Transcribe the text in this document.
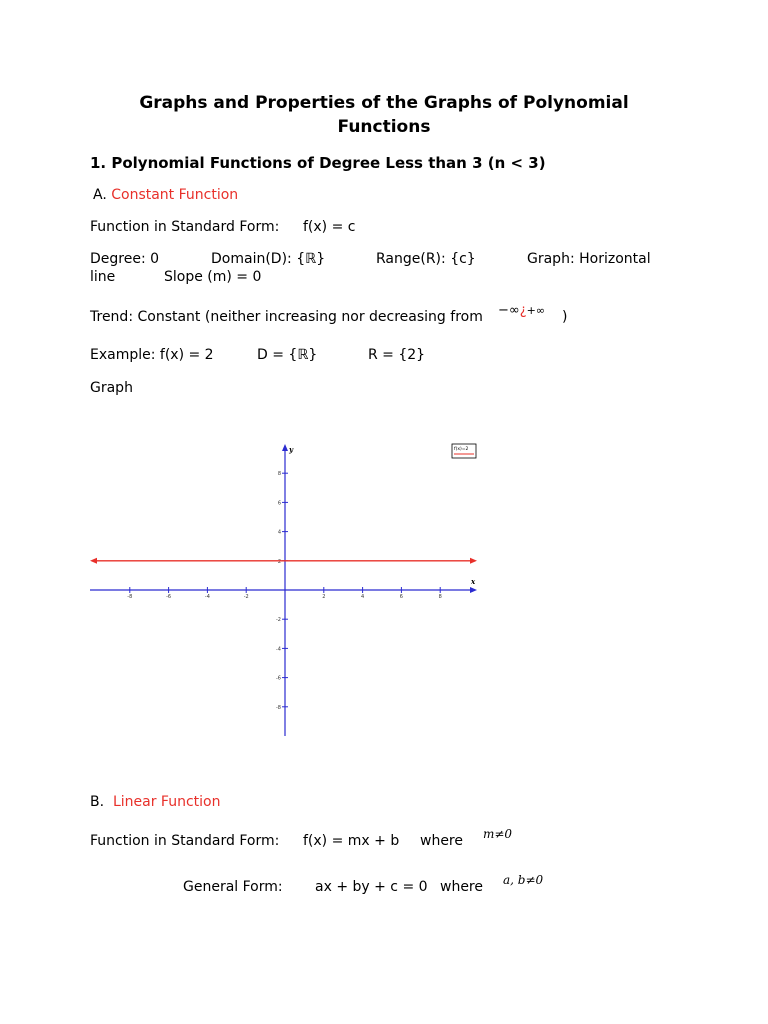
Graphs and Properties of the Graphs of Polynomial
Functions
1. Polynomial Functions of Degree Less than 3 (n < 3)
A. Constant Function
Function in Standard Form: f(x) = c
Degree: 0	Domain(D): {ℝ}	Range(R): {c}	Graph: Horizontal
line	Slope (m) = 0
Trend: Constant (neither increasing nor decreasing from −∞¿+∞ )
Example: f(x) = 2	D = {ℝ}	R = {2}
Graph
x
y
-8	-6	-4	-2	2	4	6	8
8
6
4
2
-2
-4
-6
-8
f(x)=2
B. Linear Function
Function in Standard Form: f(x) = mx + b where m≠0
General Form: ax + by + c = 0 where a, b≠0
